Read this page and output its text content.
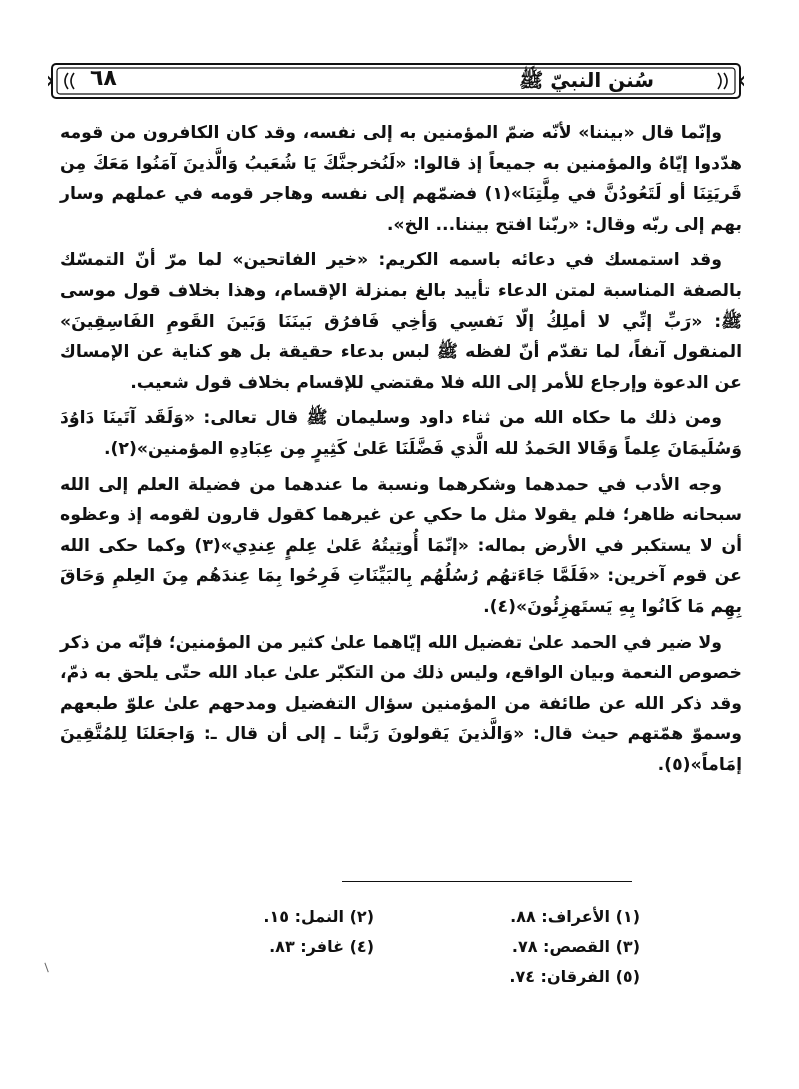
٦٨	سُنن النبيّ ﷺ

وإنّما قال «بيننا» لأنّه ضمّ المؤمنين به إلى نفسه، وقد كان الكافرون من قومه هدّدوا إيّاهُ والمؤمنين به جميعاً إذ قالوا: «لَنُخرجنَّكَ يَا شُعَيبُ وَالَّذينَ آمَنُوا مَعَكَ مِن قَريَتِنَا أو لَتَعُودُنَّ في مِلَّتِنَا»(١) فضمّهم إلى نفسه وهاجر قومه في عملهم وسار بهم إلى ربّه وقال: «ربّنا افتح بيننا... الخ».

وقد استمسك في دعائه باسمه الكريم: «خير الفاتحين» لما مرّ أنّ التمسّك بالصفة المناسبة لمتن الدعاء تأييد بالغ بمنزلة الإقسام، وهذا بخلاف قول موسى ﷺ: «رَبِّ إنِّي لا أملِكُ إلّا نَفسِي وَأخِي فَافرُق بَينَنَا وَبَينَ القَومِ الفَاسِقِينَ» المنقول آنفاً، لما تقدّم أنّ لفظه ﷺ لبس بدعاء حقيقة بل هو كناية عن الإمساك عن الدعوة وإرجاع للأمر إلى الله فلا مقتضي للإقسام بخلاف قول شعيب.

ومن ذلك ما حكاه الله من ثناء داود وسليمان ﷺ قال تعالى: «وَلَقَد آتَينَا دَاوُدَ وَسُلَيمَانَ عِلماً وَقَالا الحَمدُ لله الَّذي فَضَّلَنَا عَلىٰ كَثِيرٍ مِن عِبَادِهِ المؤمنين»(٢).

وجه الأدب في حمدهما وشكرهما ونسبة ما عندهما من فضيلة العلم إلى الله سبحانه ظاهر؛ فلم يقولا مثل ما حكي عن غيرهما كقول قارون لقومه إذ وعظوه أن لا يستكبر في الأرض بماله: «إنّمَا أُوتِيتُهُ عَلىٰ عِلمٍ عِندِي»(٣) وكما حكى الله عن قوم آخرين: «فَلَمَّا جَاءَتهُم رُسُلُهُم بِالبَيِّنَاتِ فَرِحُوا بِمَا عِندَهُم مِنَ العِلمِ وَحَاقَ بِهِم مَا كَانُوا بِهِ يَستَهزِئُونَ»(٤).

ولا ضير في الحمد علىٰ تفضيل الله إيّاهما علىٰ كثير من المؤمنين؛ فإنّه من ذكر خصوص النعمة وبيان الواقع، وليس ذلك من التكبّر علىٰ عباد الله حتّى يلحق به ذمّ، وقد ذكر الله عن طائفة من المؤمنين سؤال التفضيل ومدحهم علىٰ علوّ طبعهم وسموّ همّتهم حيث قال: «وَالَّذينَ يَقولونَ رَبَّنا ـ إلى أن قال ـ: وَاجعَلنَا لِلمُتَّقِينَ إمَاماً»(٥).

(١) الأعراف: ٨٨.
(٢) النمل: ١٥.
(٣) القصص: ٧٨.
(٤) غافر: ٨٣.
(٥) الفرقان: ٧٤.
